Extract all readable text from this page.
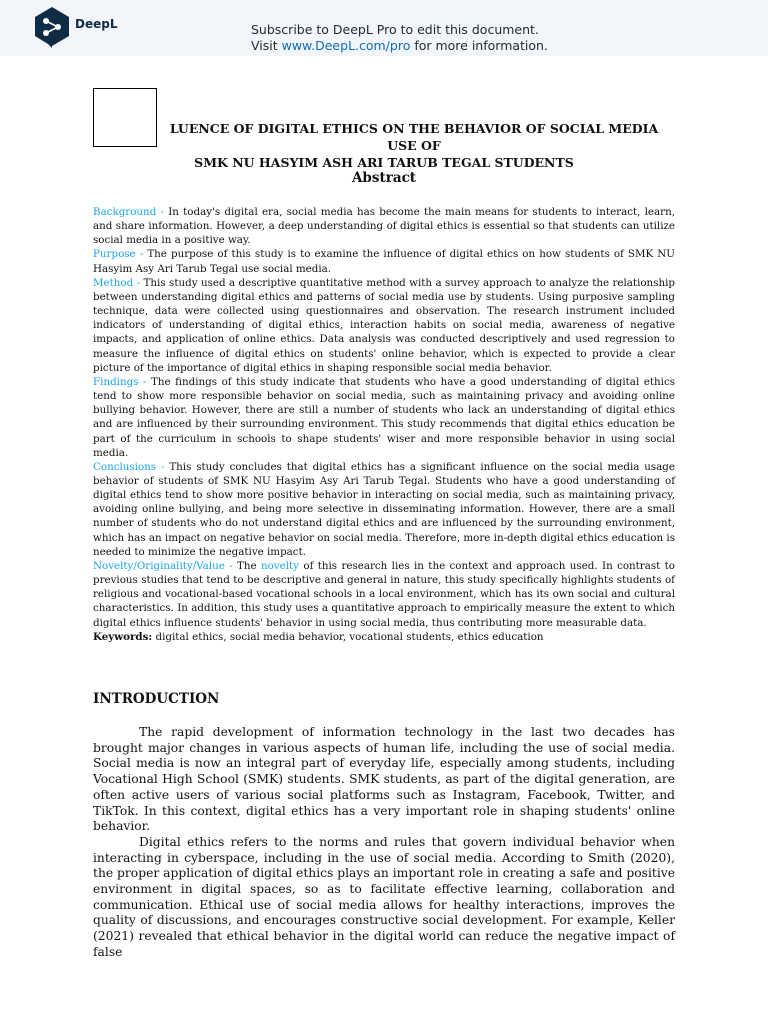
DeepL	Subscribe to DeepL Pro to edit this document.
Visit www.DeepL.com/pro for more information.
LUENCE OF DIGITAL ETHICS ON THE BEHAVIOR OF SOCIAL MEDIA USE OF
SMK NU HASYIM ASH ARI TARUB TEGAL STUDENTS
Abstract

Background - In today's digital era, social media has become the main means for students to interact, learn, and share information. However, a deep understanding of digital ethics is essential so that students can utilize social media in a positive way.

Purpose - The purpose of this study is to examine the influence of digital ethics on how students of SMK NU Hasyim Asy Ari Tarub Tegal use social media.

Method - This study used a descriptive quantitative method with a survey approach to analyze the relationship between understanding digital ethics and patterns of social media use by students. Using purposive sampling technique, data were collected using questionnaires and observation. The research instrument included indicators of understanding of digital ethics, interaction habits on social media, awareness of negative impacts, and application of online ethics. Data analysis was conducted descriptively and used regression to measure the influence of digital ethics on students' online behavior, which is expected to provide a clear picture of the importance of digital ethics in shaping responsible social media behavior.

Findings - The findings of this study indicate that students who have a good understanding of digital ethics tend to show more responsible behavior on social media, such as maintaining privacy and avoiding online bullying behavior. However, there are still a number of students who lack an understanding of digital ethics and are influenced by their surrounding environment. This study recommends that digital ethics education be part of the curriculum in schools to shape students' wiser and more responsible behavior in using social media.

Conclusions - This study concludes that digital ethics has a significant influence on the social media usage behavior of students of SMK NU Hasyim Asy Ari Tarub Tegal. Students who have a good understanding of digital ethics tend to show more positive behavior in interacting on social media, such as maintaining privacy, avoiding online bullying, and being more selective in disseminating information. However, there are a small number of students who do not understand digital ethics and are influenced by the surrounding environment, which has an impact on negative behavior on social media. Therefore, more in-depth digital ethics education is needed to minimize the negative impact.

Novelty/Originality/Value - The novelty of this research lies in the context and approach used. In contrast to previous studies that tend to be descriptive and general in nature, this study specifically highlights students of religious and vocational-based vocational schools in a local environment, which has its own social and cultural characteristics. In addition, this study uses a quantitative approach to empirically measure the extent to which digital ethics influence students' behavior in using social media, thus contributing more measurable data.

Keywords: digital ethics, social media behavior, vocational students, ethics education

INTRODUCTION

The rapid development of information technology in the last two decades has brought major changes in various aspects of human life, including the use of social media. Social media is now an integral part of everyday life, especially among students, including Vocational High School (SMK) students. SMK students, as part of the digital generation, are often active users of various social platforms such as Instagram, Facebook, Twitter, and TikTok. In this context, digital ethics has a very important role in shaping students' online behavior.

Digital ethics refers to the norms and rules that govern individual behavior when interacting in cyberspace, including in the use of social media. According to Smith (2020), the proper application of digital ethics plays an important role in creating a safe and positive environment in digital spaces, so as to facilitate effective learning, collaboration and communication. Ethical use of social media allows for healthy interactions, improves the quality of discussions, and encourages constructive social development. For example, Keller (2021) revealed that ethical behavior in the digital world can reduce the negative impact of false
